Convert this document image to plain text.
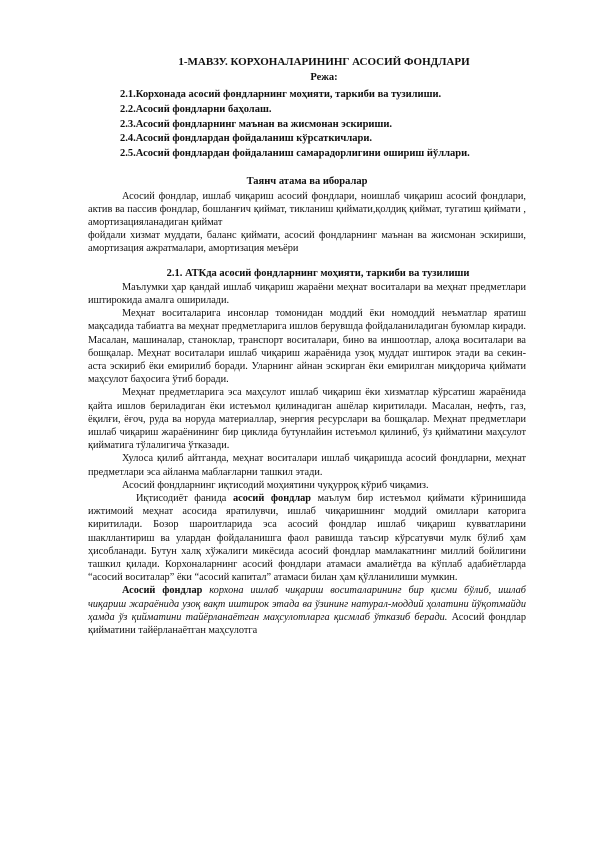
1-МАВЗУ. КОРХОНАЛАРИНИНГ АСОСИЙ ФОНДЛАРИ
Режа:
2.1.Корхонада асосий фондларнинг моҳияти, таркиби ва тузилиши.
2.2.Асосий фондларни баҳолаш.
2.3.Асосий фондларнинг маънан ва жисмонан эскириши.
2.4.Асосий фондлардан фойдаланиш кўрсаткичлари.
2.5.Асосий фондлардан фойдаланиш самарадорлигини ошириш йўллари.
Таянч атама ва иборалар

Асосий фондлар, ишлаб чиқариш асосий фондлари, ноишлаб чиқариш асосий фондлари, актив ва пассив фондлар, бошланғич қиймат, тикланиш қиймати,қолдиқ қиймат, тугатиш қиймати , амортизацияланадиган қиймат

фойдали хизмат муддати, баланс қиймати, асосий фондларнинг маънан ва жисмонан эскириши, амортизация ажратмалари, амортизация меъёри

2.1. АТКда асосий фондларнинг моҳияти, таркиби ва тузилиши

Маълумки ҳар қандай ишлаб чиқариш жараёни меҳнат воситалари ва меҳнат предметлари иштирокида амалга оширилади.

Меҳнат воситаларига инсонлар томонидан моддий ёки номоддий неъматлар яратиш мақсадида табиатга ва меҳнат предметларига ишлов берувшда фойдаланиладиган буюмлар киради. Масалан, машиналар, станоклар, транспорт воситалари, бино ва иншоотлар, алоқа воситалари ва бошқалар. Меҳнат воситалари ишлаб чиқариш жараёнида узоқ муддат иштирок этади ва секин-аста эскириб ёки емирилиб боради. Уларнинг айнан эскирган ёки емирилган миқдорича қиймати маҳсулот баҳосига ўтиб боради.

Меҳнат предметларига эса маҳсулот ишлаб чиқариш ёки хизматлар кўрсатиш жараёнида қайта ишлов бериладиган ёки истеъмол қилинадиган ашёлар киритилади. Масалан, нефть, газ, ёқилғи, ёғоч, руда ва норуда материаллар, энергия ресурслари ва бошқалар. Меҳнат предметлари ишлаб чиқариш жараёнининг бир циклида бутунлайин истеъмол қилиниб, ўз қийматини маҳсулот қийматига тўлалигича ўтказади.

Хулоса қилиб айтганда, меҳнат воситалари ишлаб чиқаришда асосий фондларни, меҳнат предметлари эса айланма маблағларни ташкил этади.

Асосий фондларнинг иқтисодий моҳиятини чуқурроқ кўриб чиқамиз.

Иқтисодиёт фанида асосий фондлар маълум бир истеъмол қиймати кўринишида ижтимоий меҳнат асосида яратилувчи, ишлаб чиқаришнинг моддий омиллари каторига киритилади. Бозор шароитларида эса асосий фондлар ишлаб чиқариш кувватларини шакллантириш ва улардан фойдаланишга фаол равишда таъсир кўрсатувчи мулк бўлиб ҳам ҳисобланади. Бутун халқ хўжалиги микёсида асосий фондлар мамлакатнинг миллий бойлигини ташкил қилади. Корхоналарнинг асосий фондлари атамаси амалиётда ва кўплаб адабиётларда “асосий воситалар” ёки “асосий капитал” атамаси билан ҳам қўлланилиши мумкин.

Асосий фондлар корхона ишлаб чиқариш воситаларининг бир қисми бўлиб, ишлаб чиқариш жараёнида узоқ вақт иштирок этада ва ўзининг натурал-моддий ҳолатини йўқотмайди ҳамда ўз қийматини тайёрланаётган маҳсулотларга қисмлаб ўтказиб беради. Асосий фондлар қийматини тайёрланаётган маҳсулотга
